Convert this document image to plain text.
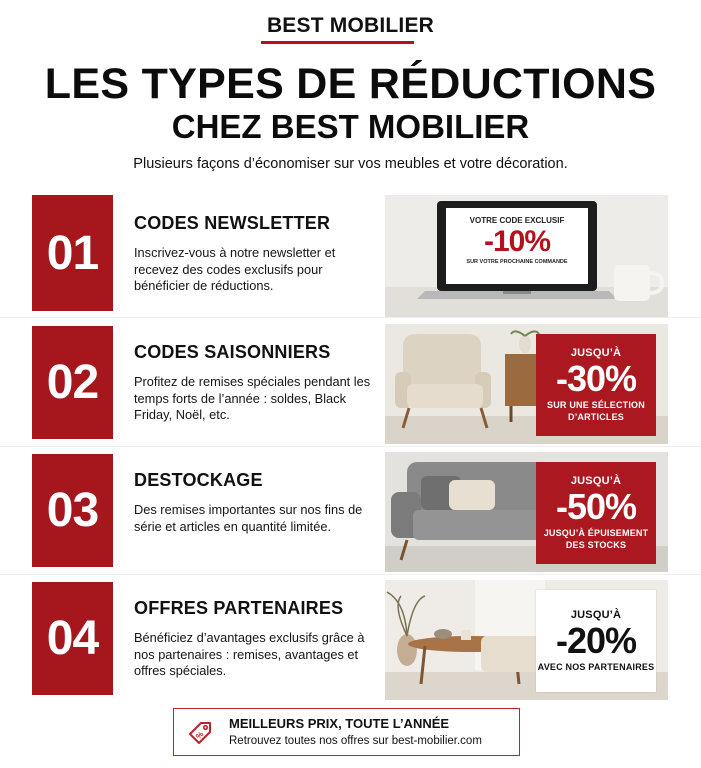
BEST MOBILIER
LES TYPES DE RÉDUCTIONS
CHEZ BEST MOBILIER
Plusieurs façons d’économiser sur vos meubles et votre décoration.
01
CODES NEWSLETTER
Inscrivez-vous à notre newsletter et recevez des codes exclusifs pour bénéficier de réductions.
VOTRE CODE EXCLUSIF
-10%
SUR VOTRE PROCHAINE COMMANDE
02
CODES SAISONNIERS
Profitez de remises spéciales pendant les temps forts de l’année : soldes, Black Friday, Noël, etc.
JUSQU’À
-30%
SUR UNE SÉLECTION D’ARTICLES
03
DESTOCKAGE
Des remises importantes sur nos fins de série et articles en quantité limitée.
JUSQU’À
-50%
JUSQU’À ÉPUISEMENT DES STOCKS
04
OFFRES PARTENAIRES
Bénéficiez d’avantages exclusifs grâce à nos partenaires : remises, avantages et offres spéciales.
JUSQU’À
-20%
AVEC NOS PARTENAIRES
%
MEILLEURS PRIX, TOUTE L’ANNÉE
Retrouvez toutes nos offres sur best-mobilier.com
